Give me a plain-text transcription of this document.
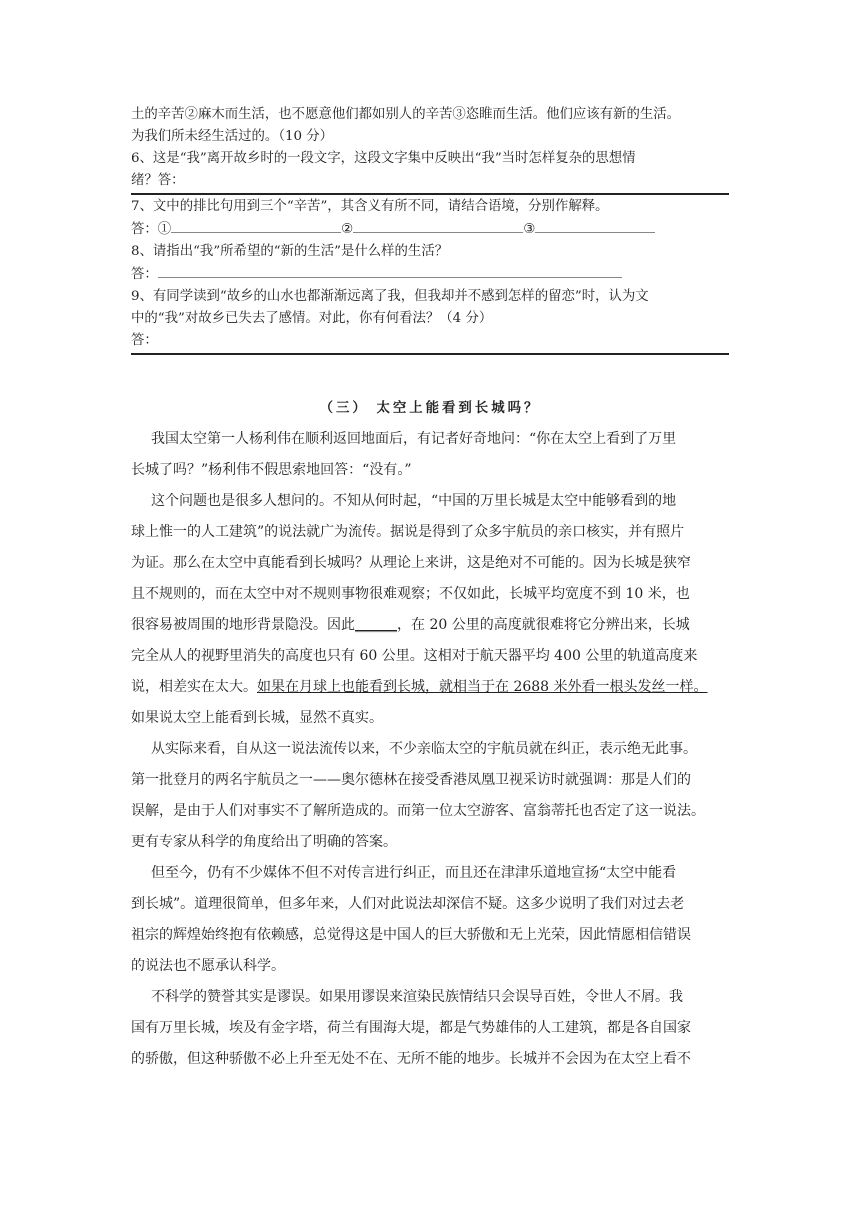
土的辛苦②麻木而生活，也不愿意他们都如别人的辛苦③恣睢而生活。他们应该有新的生活。

为我们所未经生活过的。（10 分）

6、这是“我”离开故乡时的一段文字，这段文字集中反映出“我”当时怎样复杂的思想情

绪？答：

7、文中的排比句用到三个“辛苦”，其含义有所不同，请结合语境，分别作解释。

答：①	②	③

8、请指出“我”所希望的“新的生活”是什么样的生活？

答：

9、有同学读到“故乡的山水也都渐渐远离了我，但我却并不感到怎样的留恋”时，认为文

中的“我”对故乡已失去了感情。对此，你有何看法？（4 分）

答：

（三） 太空上能看到长城吗？

我国太空第一人杨利伟在顺利返回地面后，有记者好奇地问：“你在太空上看到了万里
长城了吗？”杨利伟不假思索地回答：“没有。”

这个问题也是很多人想问的。不知从何时起，“中国的万里长城是太空中能够看到的地
球上惟一的人工建筑”的说法就广为流传。据说是得到了众多宇航员的亲口核实，并有照片
为证。那么在太空中真能看到长城吗？从理论上来讲，这是绝对不可能的。因为长城是狭窄
且不规则的，而在太空中对不规则事物很难观察；不仅如此，长城平均宽度不到 10 米，也
很容易被周围的地形背景隐没。因此______，在 20 公里的高度就很难将它分辨出来，长城
完全从人的视野里消失的高度也只有 60 公里。这相对于航天器平均 400 公里的轨道高度来
说，相差实在太大。如果在月球上也能看到长城，就相当于在 2688 米外看一根头发丝一样。
如果说太空上能看到长城，显然不真实。

从实际来看，自从这一说法流传以来，不少亲临太空的宇航员就在纠正，表示绝无此事。
第一批登月的两名宇航员之一——奥尔德林在接受香港凤凰卫视采访时就强调：那是人们的
误解，是由于人们对事实不了解所造成的。而第一位太空游客、富翁蒂托也否定了这一说法。
更有专家从科学的角度给出了明确的答案。

但至今，仍有不少媒体不但不对传言进行纠正，而且还在津津乐道地宣扬“太空中能看
到长城”。道理很简单，但多年来，人们对此说法却深信不疑。这多少说明了我们对过去老
祖宗的辉煌始终抱有依赖感，总觉得这是中国人的巨大骄傲和无上光荣，因此情愿相信错误
的说法也不愿承认科学。

不科学的赞誉其实是谬误。如果用谬误来渲染民族情结只会误导百姓，令世人不屑。我
国有万里长城，埃及有金字塔，荷兰有围海大堤，都是气势雄伟的人工建筑，都是各自国家
的骄傲，但这种骄傲不必上升至无处不在、无所不能的地步。长城并不会因为在太空上看不
